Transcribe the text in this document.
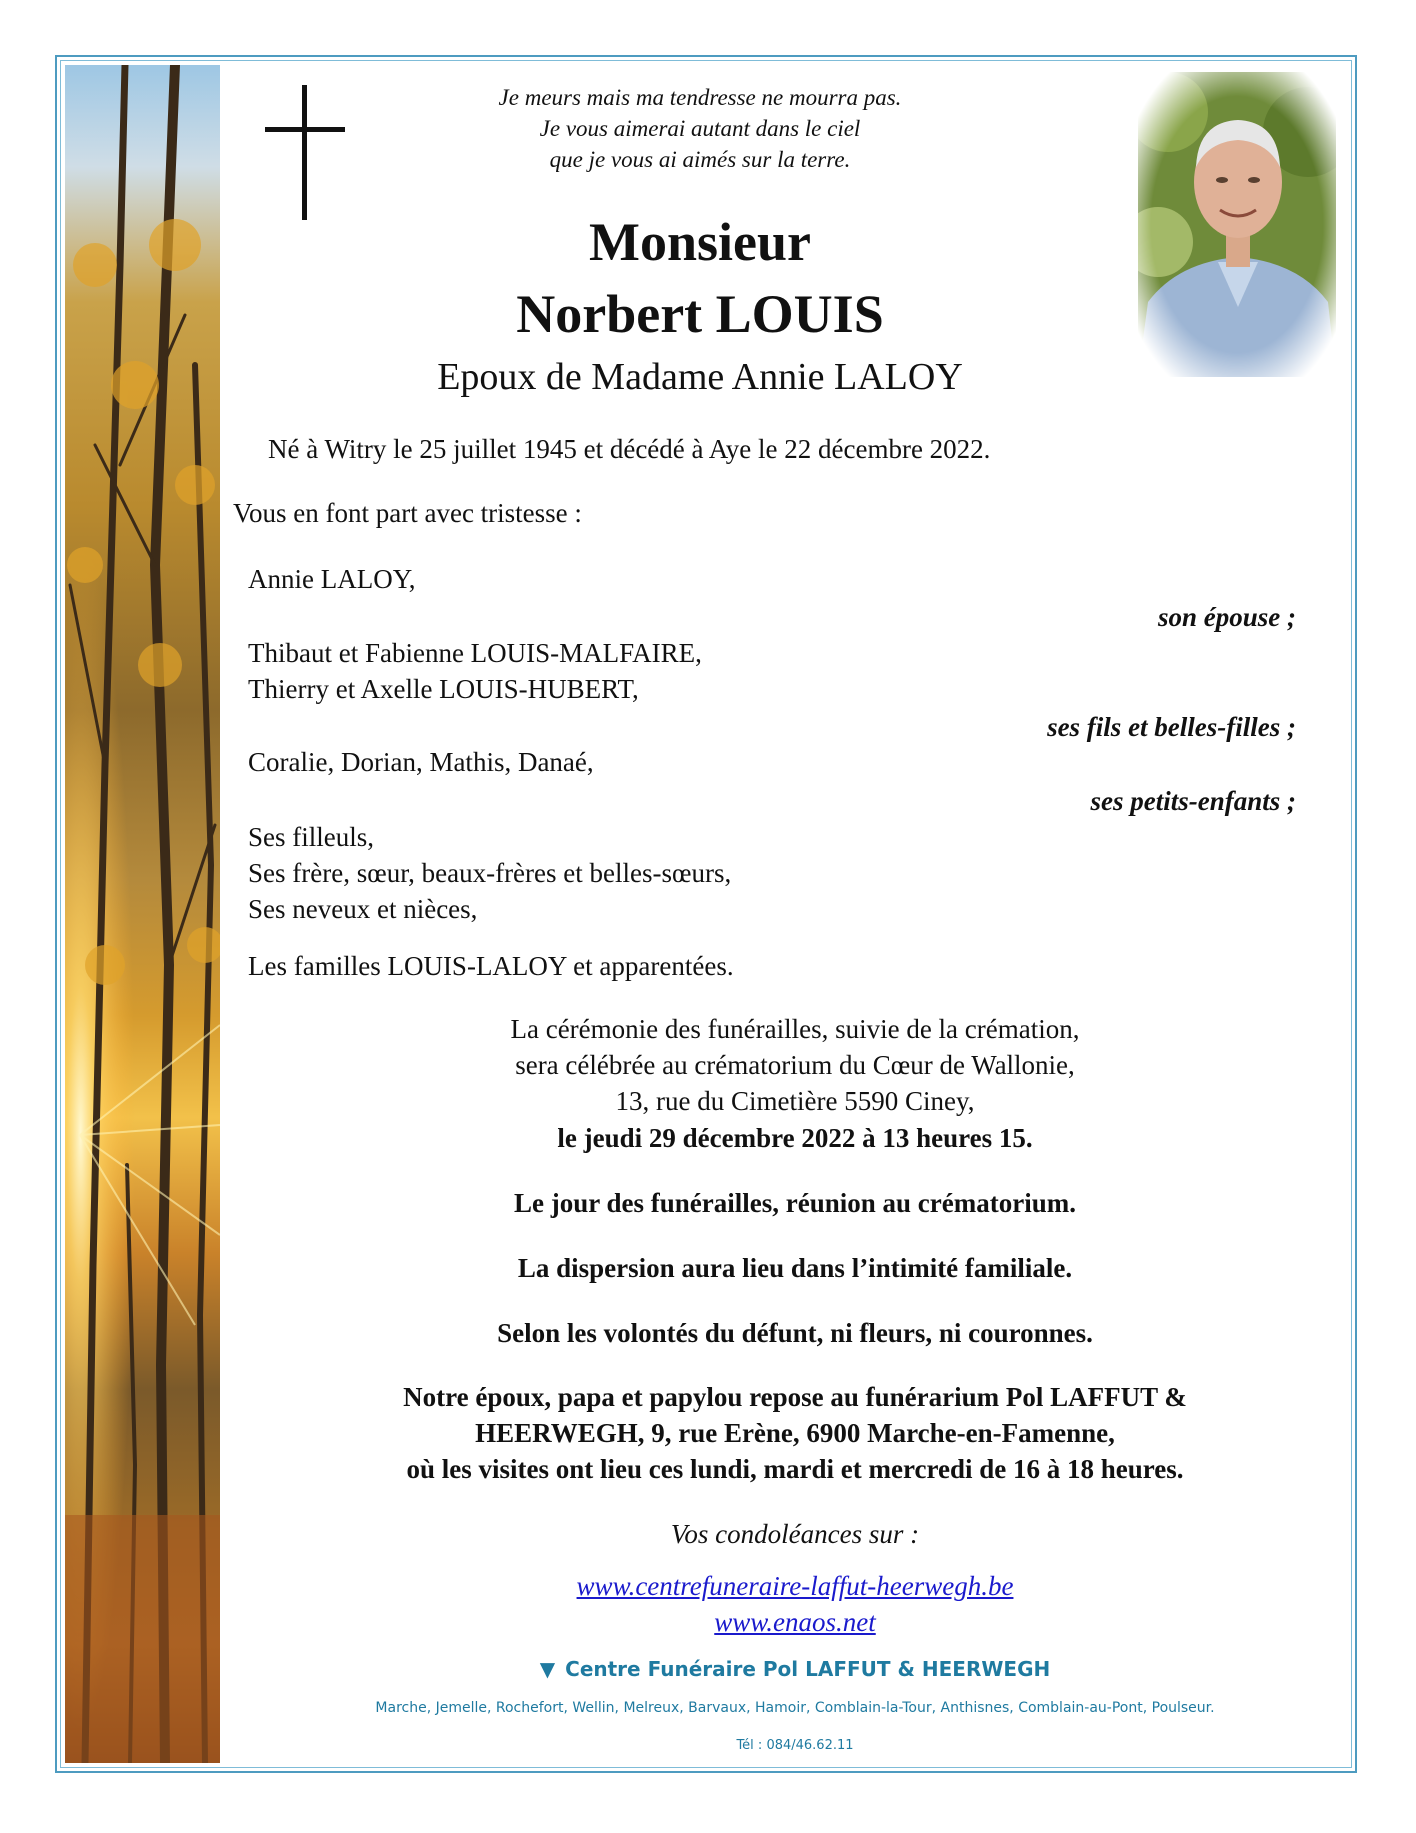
Je meurs mais ma tendresse ne mourra pas.
Je vous aimerai autant dans le ciel
que je vous ai aimés sur la terre.
Monsieur
Norbert LOUIS
Epoux de Madame Annie LALOY
Né à Witry le 25 juillet 1945 et décédé à Aye le 22 décembre 2022.
Vous en font part avec tristesse :
Annie LALOY,
son épouse ;
Thibaut et Fabienne LOUIS-MALFAIRE,
Thierry et Axelle LOUIS-HUBERT,
ses fils et belles-filles ;
Coralie, Dorian, Mathis, Danaé,
ses petits-enfants ;
Ses filleuls,
Ses frère, sœur, beaux-frères et belles-sœurs,
Ses neveux et nièces,
Les familles LOUIS-LALOY et apparentées.
La cérémonie des funérailles, suivie de la crémation,
sera célébrée au crématorium du Cœur de Wallonie,
13, rue du Cimetière 5590 Ciney,
le jeudi 29 décembre 2022 à 13 heures 15.
Le jour des funérailles, réunion au crématorium.
La dispersion aura lieu dans l’intimité familiale.
Selon les volontés du défunt, ni fleurs, ni couronnes.
Notre époux, papa et papylou repose au funérarium Pol LAFFUT &
HEERWEGH, 9, rue Erène, 6900 Marche-en-Famenne,
où les visites ont lieu ces lundi, mardi et mercredi de 16 à 18 heures.
Vos condoléances sur :
www.centrefuneraire-laffut-heerwegh.be
www.enaos.net
▼ Centre Funéraire Pol LAFFUT & HEERWEGH
Marche, Jemelle, Rochefort, Wellin, Melreux, Barvaux, Hamoir, Comblain-la-Tour, Anthisnes, Comblain-au-Pont, Poulseur.
Tél : 084/46.62.11
